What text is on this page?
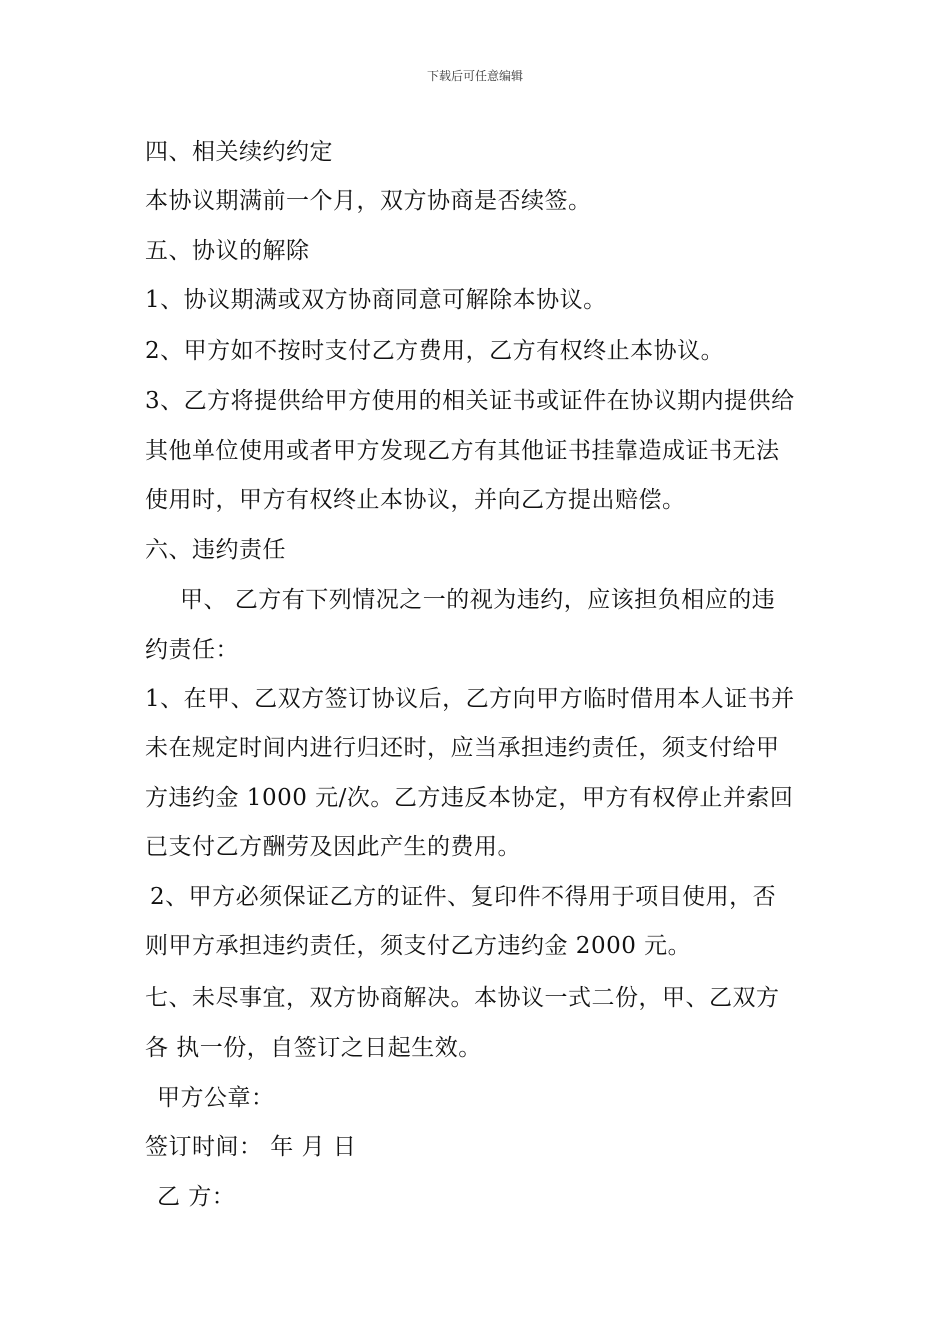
下载后可任意编辑
四、相关续约约定
本协议期满前一个月，双方协商是否续签。
五、协议的解除
1、协议期满或双方协商同意可解除本协议。
2、甲方如不按时支付乙方费用，乙方有权终止本协议。
3、乙方将提供给甲方使用的相关证书或证件在协议期内提供给
其他单位使用或者甲方发现乙方有其他证书挂靠造成证书无法
使用时，甲方有权终止本协议，并向乙方提出赔偿。
六、违约责任
甲、 乙方有下列情况之一的视为违约，应该担负相应的违
约责任：
1、在甲、乙双方签订协议后，乙方向甲方临时借用本人证书并
未在规定时间内进行归还时，应当承担违约责任，须支付给甲
方违约金 1000 元/次。乙方违反本协定，甲方有权停止并索回
已支付乙方酬劳及因此产生的费用。
2、甲方必须保证乙方的证件、复印件不得用于项目使用，否
则甲方承担违约责任，须支付乙方违约金 2000 元。
七、未尽事宜，双方协商解决。本协议一式二份，甲、乙双方
各 执一份，自签订之日起生效。
甲方公章：
签订时间： 年 月 日
乙 方：
